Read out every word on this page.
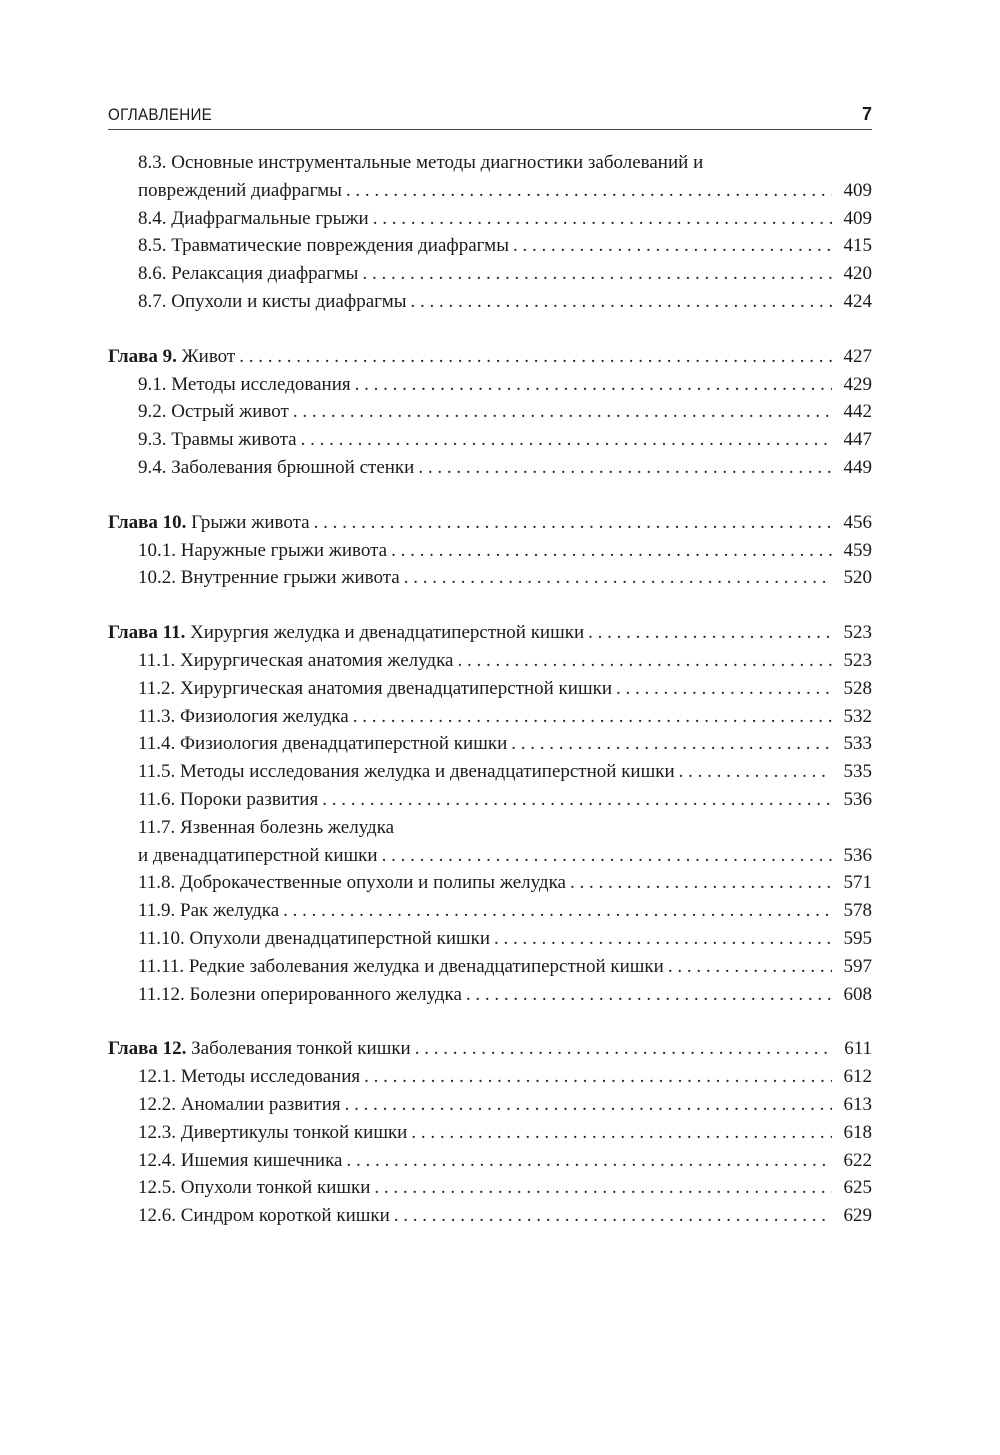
ОГЛАВЛЕНИЕ	7
8.3. Основные инструментальные методы диагностики заболеваний и
повреждений диафрагмы . . .	409
8.4. Диафрагмальные грыжи . . .	409
8.5. Травматические повреждения диафрагмы . . .	415
8.6. Релаксация диафрагмы . . .	420
8.7. Опухоли и кисты диафрагмы . . .	424
Глава 9. Живот . . .	427
9.1. Методы исследования . . .	429
9.2. Острый живот . . .	442
9.3. Травмы живота . . .	447
9.4. Заболевания брюшной стенки . . .	449
Глава 10. Грыжи живота . . .	456
10.1. Наружные грыжи живота . . .	459
10.2. Внутренние грыжи живота . . .	520
Глава 11. Хирургия желудка и двенадцатиперстной кишки . . .	523
11.1. Хирургическая анатомия желудка . . .	523
11.2. Хирургическая анатомия двенадцатиперстной кишки . . .	528
11.3. Физиология желудка . . .	532
11.4. Физиология двенадцатиперстной кишки . . .	533
11.5. Методы исследования желудка и двенадцатиперстной кишки . . .	535
11.6. Пороки развития . . .	536
11.7. Язвенная болезнь желудка
и двенадцатиперстной кишки . . .	536
11.8. Доброкачественные опухоли и полипы желудка . . .	571
11.9. Рак желудка . . .	578
11.10. Опухоли двенадцатиперстной кишки . . .	595
11.11. Редкие заболевания желудка и двенадцатиперстной кишки . . .	597
11.12. Болезни оперированного желудка . . .	608
Глава 12. Заболевания тонкой кишки . . .	611
12.1. Методы исследования . . .	612
12.2. Аномалии развития . . .	613
12.3. Дивертикулы тонкой кишки . . .	618
12.4. Ишемия кишечника . . .	622
12.5. Опухоли тонкой кишки . . .	625
12.6. Синдром короткой кишки . . .	629
